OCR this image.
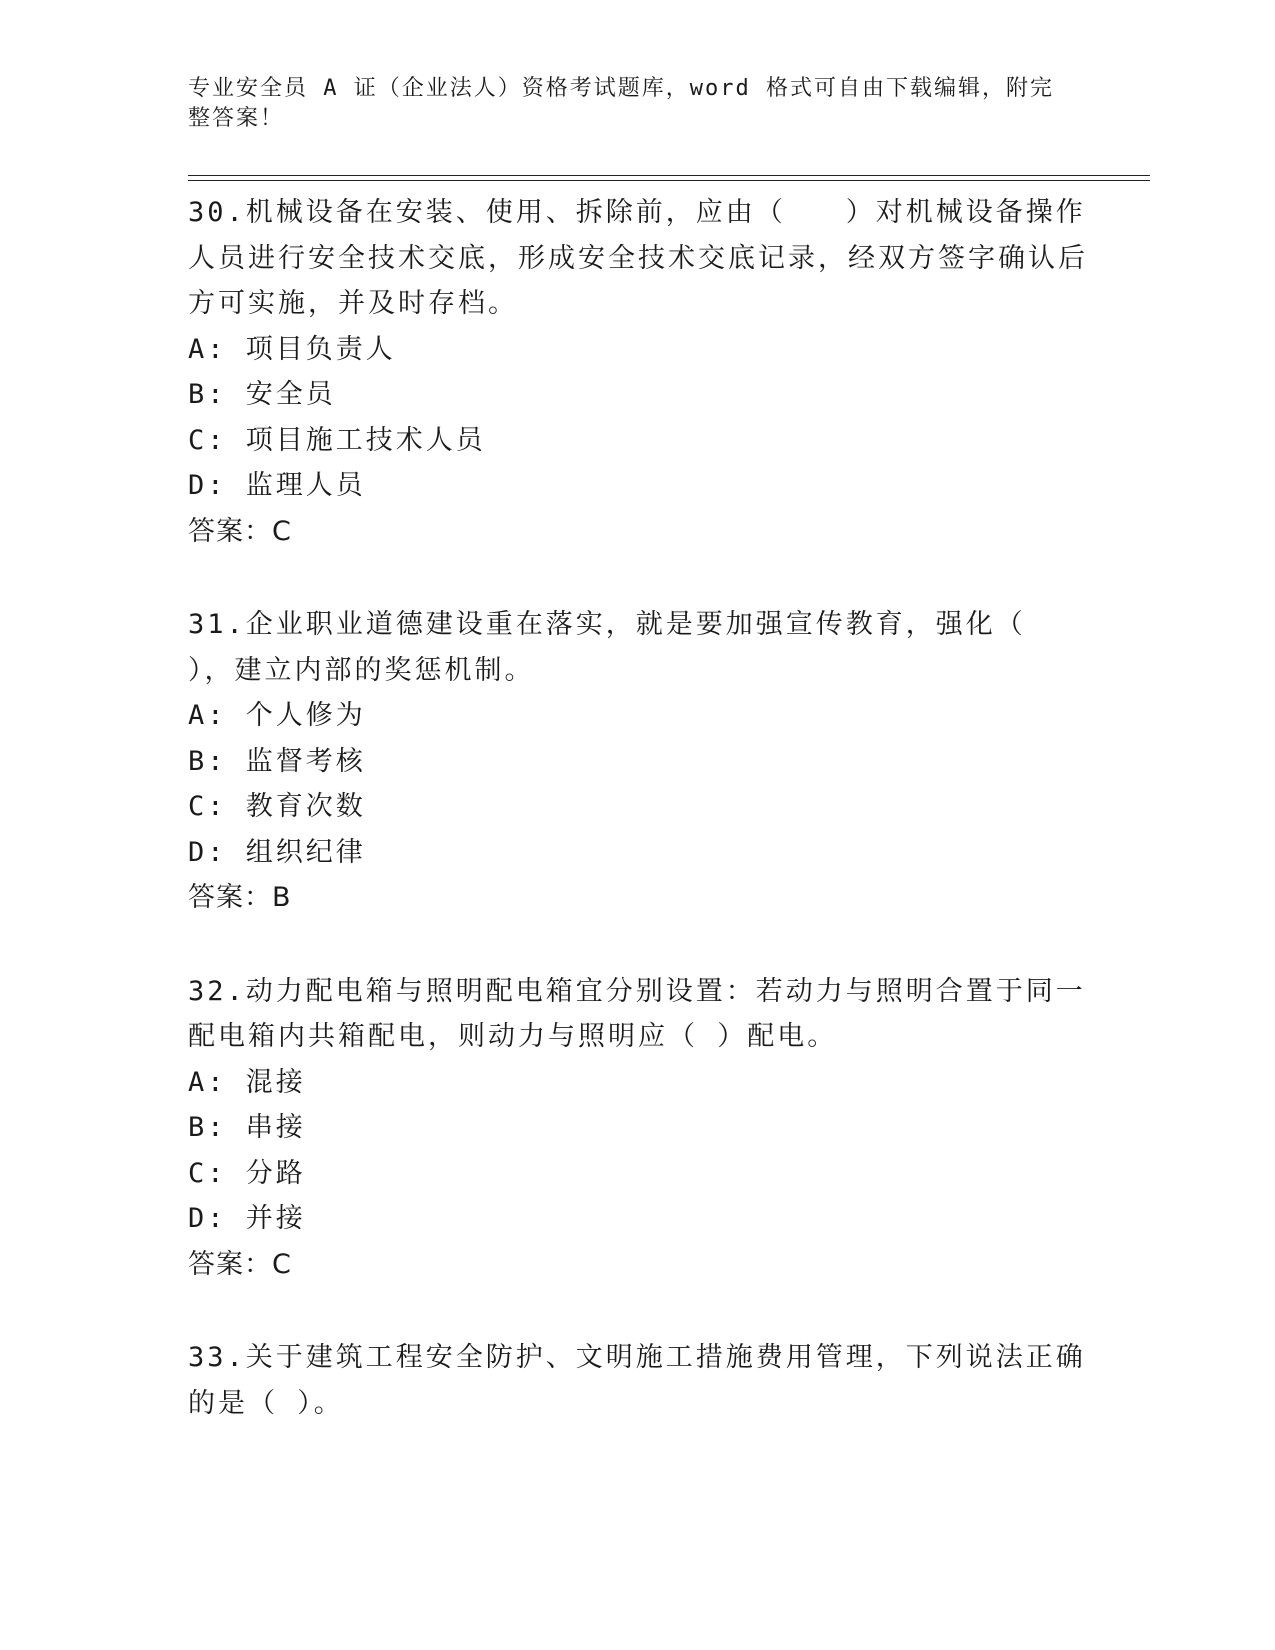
专业安全员 A 证（企业法人）资格考试题库，word 格式可自由下载编辑，附完整答案！
30.机械设备在安装、使用、拆除前，应由（　　）对机械设备操作人员进行安全技术交底，形成安全技术交底记录，经双方签字确认后方可实施，并及时存档。
A: 项目负责人
B: 安全员
C: 项目施工技术人员
D: 监理人员
答案：C
31.企业职业道德建设重在落实，就是要加强宣传教育，强化（ ），建立内部的奖惩机制。
A: 个人修为
B: 监督考核
C: 教育次数
D: 组织纪律
答案：B
32.动力配电箱与照明配电箱宜分别设置：若动力与照明合置于同一配电箱内共箱配电，则动力与照明应（ ）配电。
A: 混接
B: 串接
C: 分路
D: 并接
答案：C
33.关于建筑工程安全防护、文明施工措施费用管理，下列说法正确的是（ ）。
